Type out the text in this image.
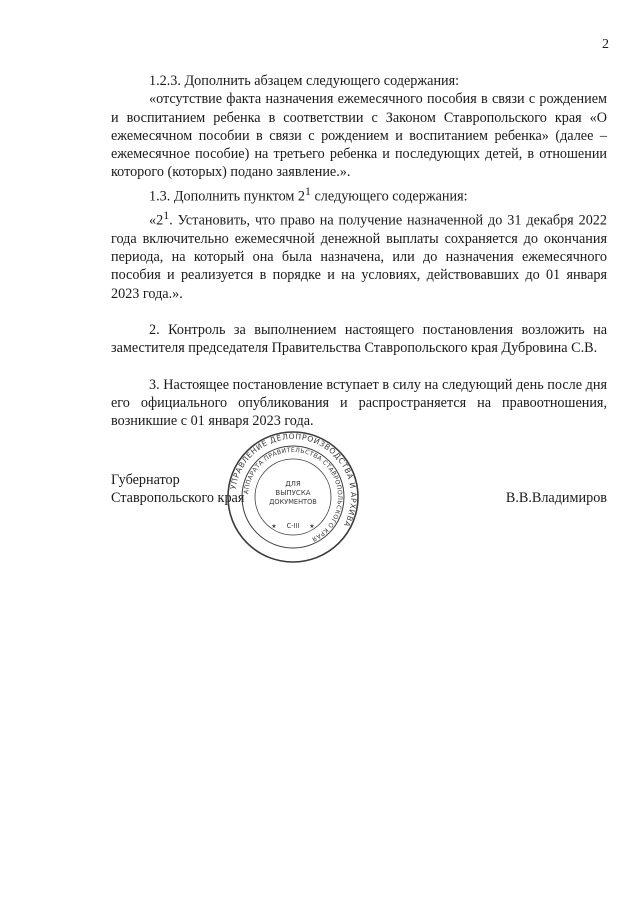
2
1.2.3. Дополнить абзацем следующего содержания:
«отсутствие факта назначения ежемесячного пособия в связи с рождением и воспитанием ребенка в соответствии с Законом Ставропольского края «О ежемесячном пособии в связи с рождением и воспитанием ребенка» (далее – ежемесячное пособие) на третьего ребенка и последующих детей, в отношении которого (которых) подано заявление.».
1.3. Дополнить пунктом $2^1$ следующего содержания:
«$2^1$. Установить, что право на получение назначенной до 31 декабря 2022 года включительно ежемесячной денежной выплаты сохраняется до окончания периода, на который она была назначена, или до назначения ежемесячного пособия и реализуется в порядке и на условиях, действовавших до 01 января 2023 года.».
2. Контроль за выполнением настоящего постановления возложить на заместителя председателя Правительства Ставропольского края Дубровина С.В.
3. Настоящее постановление вступает в силу на следующий день после дня его официального опубликования и распространяется на правоотношения, возникшие с 01 января 2023 года.
Губернатор
Ставропольского края	В.В.Владимиров
УПРАВЛЕНИЕ ДЕЛОПРОИЗВОДСТВА И АРХИВА
АППАРАТА ПРАВИТЕЛЬСТВА СТАВРОПОЛЬСКОГО КРАЯ
ДЛЯ
ВЫПУСКА
ДОКУМЕНТОВ
С-III
★	★
